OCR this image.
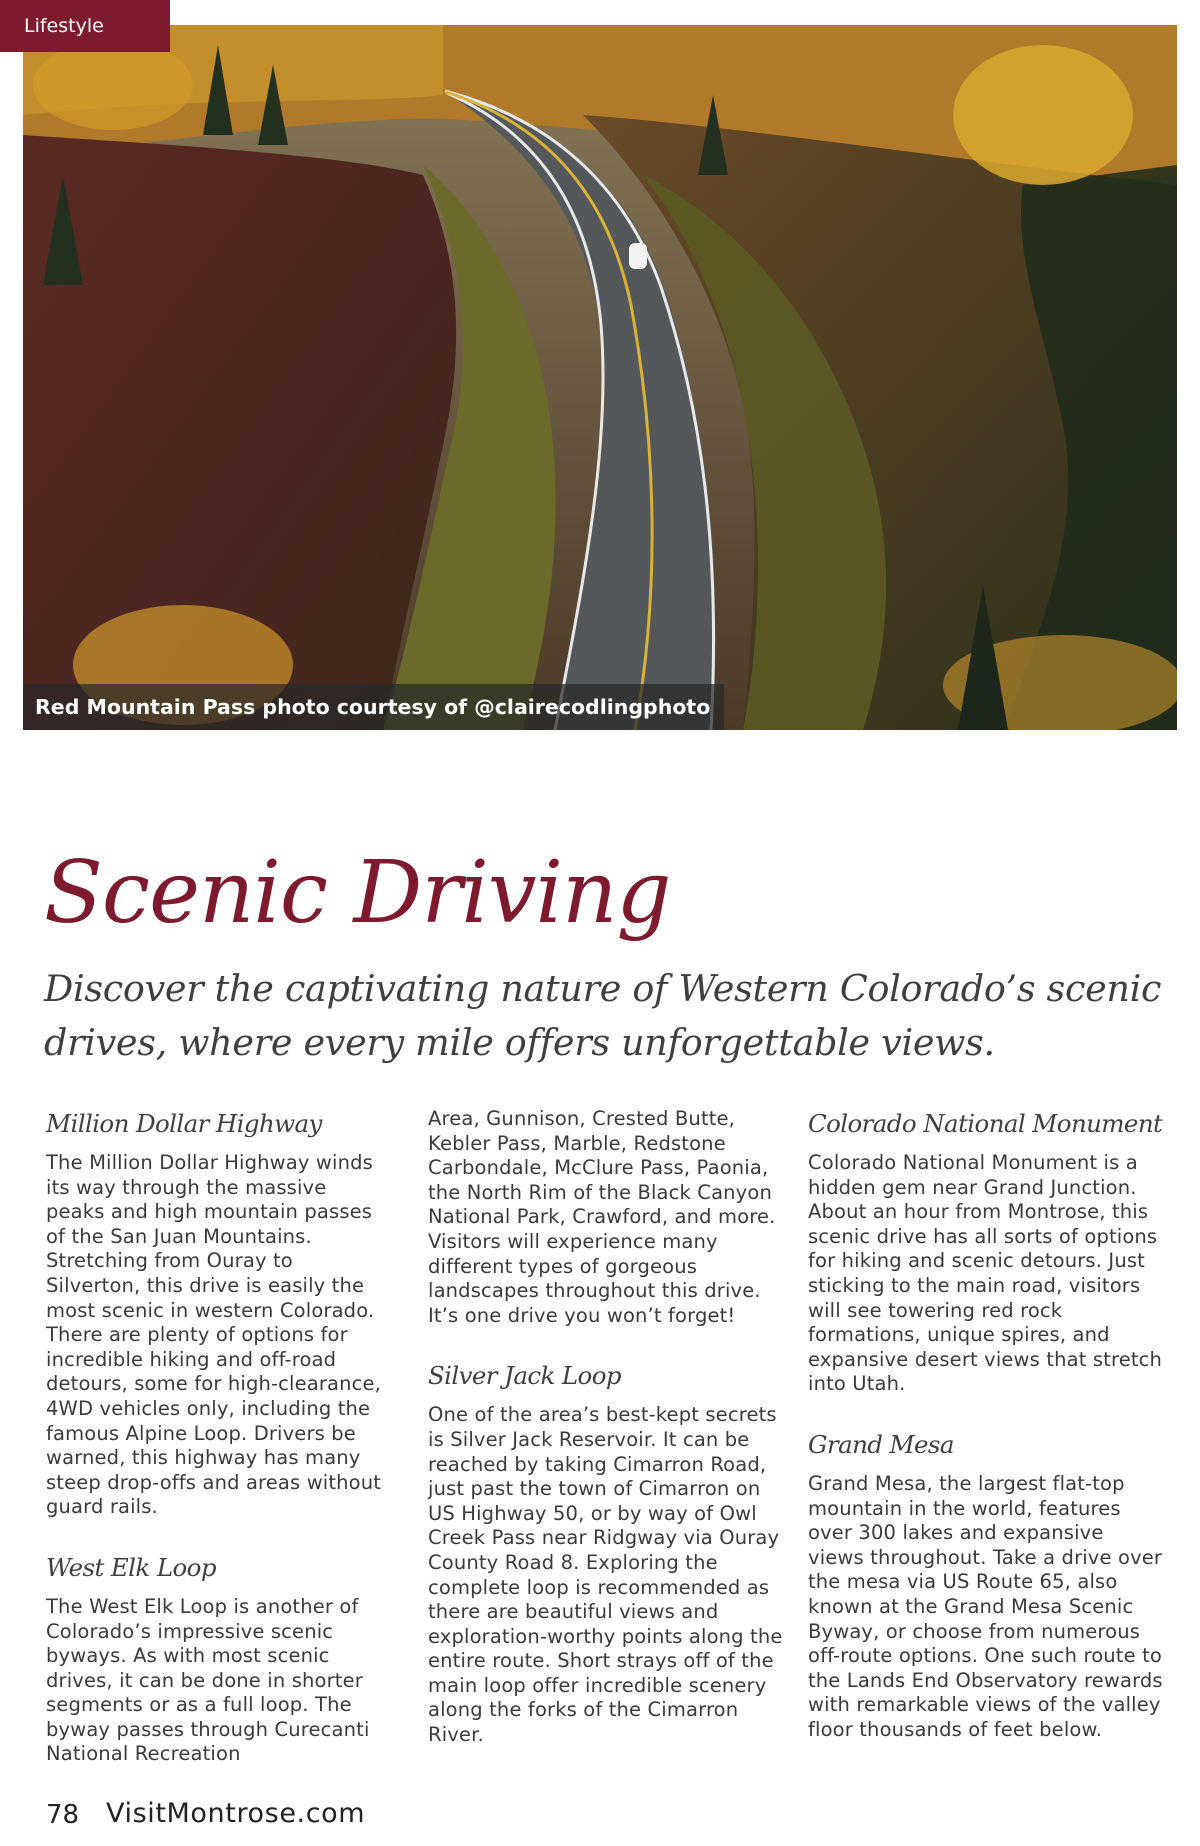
Lifestyle
Red Mountain Pass photo courtesy of @clairecodlingphoto
Scenic Driving

Discover the captivating nature of Western Colorado’s scenic drives, where every mile offers unforgettable views.

Million Dollar Highway

The Million Dollar Highway winds its way through the massive peaks and high mountain passes of the San Juan Mountains. Stretching from Ouray to Silverton, this drive is easily the most scenic in western Colorado. There are plenty of options for incredible hiking and off-road detours, some for high-clearance, 4WD vehicles only, including the famous Alpine Loop. Drivers be warned, this highway has many steep drop-offs and areas without guard rails.

West Elk Loop

The West Elk Loop is another of Colorado’s impressive scenic byways. As with most scenic drives, it can be done in shorter segments or as a full loop. The byway passes through Curecanti National Recreation

Area, Gunnison, Crested Butte, Kebler Pass, Marble, Redstone Carbondale, McClure Pass, Paonia, the North Rim of the Black Canyon National Park, Crawford, and more. Visitors will experience many different types of gorgeous landscapes throughout this drive. It’s one drive you won’t forget!

Silver Jack Loop

One of the area’s best-kept secrets is Silver Jack Reservoir. It can be reached by taking Cimarron Road, just past the town of Cimarron on US Highway 50, or by way of Owl Creek Pass near Ridgway via Ouray County Road 8. Exploring the complete loop is recommended as there are beautiful views and exploration-worthy points along the entire route. Short strays off of the main loop offer incredible scenery along the forks of the Cimarron River.

Colorado National Monument

Colorado National Monument is a hidden gem near Grand Junction. About an hour from Montrose, this scenic drive has all sorts of options for hiking and scenic detours. Just sticking to the main road, visitors will see towering red rock formations, unique spires, and expansive desert views that stretch into Utah.

Grand Mesa

Grand Mesa, the largest flat-top mountain in the world, features over 300 lakes and expansive views throughout. Take a drive over the mesa via US Route 65, also known at the Grand Mesa Scenic Byway, or choose from numerous off-route options. One such route to the Lands End Observatory rewards with remarkable views of the valley floor thousands of feet below.

78 VisitMontrose.com
